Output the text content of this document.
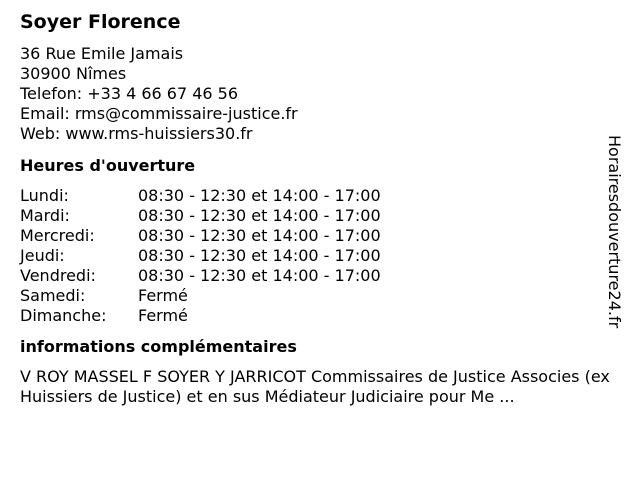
Soyer Florence
36 Rue Emile Jamais
30900 Nîmes
Telefon: +33 4 66 67 46 56
Email: rms@commissaire-justice.fr
Web: www.rms-huissiers30.fr
Heures d'ouverture
Lundi:	08:30 - 12:30 et 14:00 - 17:00
Mardi:	08:30 - 12:30 et 14:00 - 17:00
Mercredi:	08:30 - 12:30 et 14:00 - 17:00
Jeudi:	08:30 - 12:30 et 14:00 - 17:00
Vendredi:	08:30 - 12:30 et 14:00 - 17:00
Samedi:	Fermé
Dimanche:	Fermé
informations complémentaires
V ROY MASSEL F SOYER Y JARRICOT Commissaires de Justice Associes (ex Huissiers de Justice) et en sus Médiateur Judiciaire pour Me ...
Horairesdouverture24.fr
